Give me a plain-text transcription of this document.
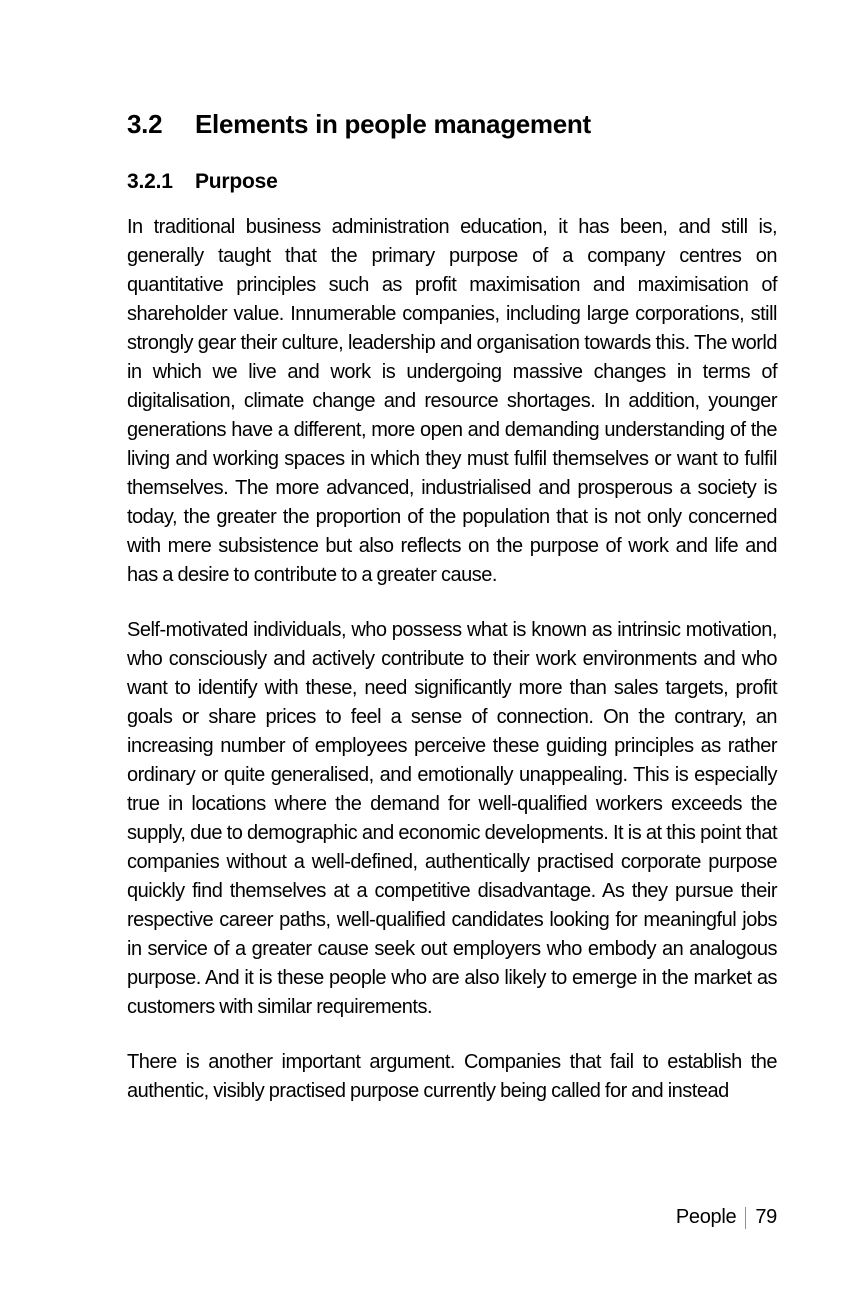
3.2	Elements in people management
3.2.1	Purpose

In traditional business administration education, it has been, and still is, generally taught that the primary purpose of a company centres on quantitative principles such as profit maximisation and maximisation of shareholder value. Innumerable companies, including large corporations, still strongly gear their culture, leadership and organisation towards this. The world in which we live and work is undergoing massive changes in terms of digitalisation, climate change and resource shortages. In addition, younger generations have a different, more open and demanding understanding of the living and working spaces in which they must fulfil themselves or want to fulfil themselves. The more advanced, industrialised and prosperous a society is today, the greater the proportion of the population that is not only concerned with mere subsistence but also reflects on the purpose of work and life and has a desire to contribute to a greater cause.

Self-motivated individuals, who possess what is known as intrinsic motivation, who consciously and actively contribute to their work environments and who want to identify with these, need significantly more than sales targets, profit goals or share prices to feel a sense of connection. On the contrary, an increasing number of employees perceive these guiding principles as rather ordinary or quite generalised, and emotionally unappealing. This is especially true in locations where the demand for well-qualified workers exceeds the supply, due to demographic and economic developments. It is at this point that companies without a well-defined, authentically practised corporate purpose quickly find themselves at a competitive disadvantage. As they pursue their respective career paths, well-qualified candidates looking for meaningful jobs in service of a greater cause seek out employers who embody an analogous purpose. And it is these people who are also likely to emerge in the market as customers with similar requirements.

There is another important argument. Companies that fail to establish the authentic, visibly practised purpose currently being called for and instead

People 79
